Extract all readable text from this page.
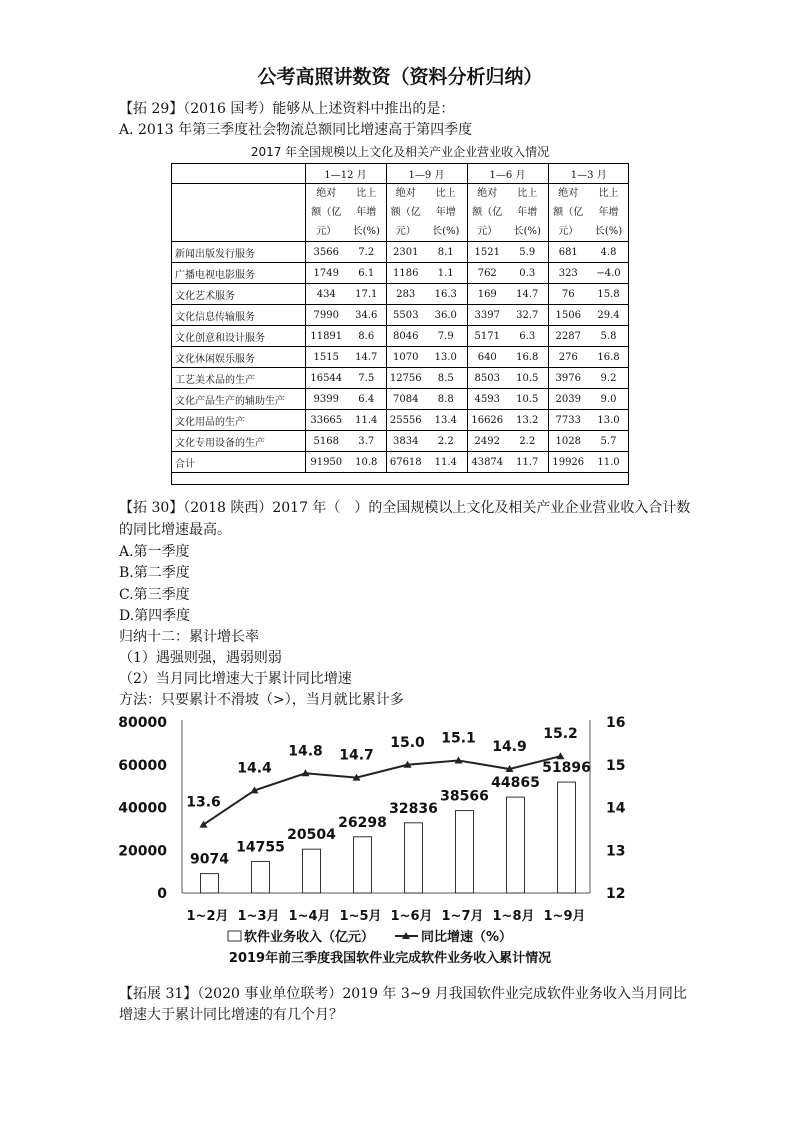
公考高照讲数资（资料分析归纳）
【拓 29】（2016 国考）能够从上述资料中推出的是：
A. 2013 年第三季度社会物流总额同比增速高于第四季度
2017 年全国规模以上文化及相关产业企业营业收入情况
	1—12 月		1—9 月		1—6 月		1—3 月	
	绝对	比上	绝对	比上	绝对	比上	绝对	比上
	额（亿	年增	额（亿	年增	额（亿	年增	额（亿	年增
	元）	长(%)	元）	长(%)	元）	长(%)	元）	长(%)
新闻出版发行服务	3566	7.2	2301	8.1	1521	5.9	681	4.8
广播电视电影服务	1749	6.1	1186	1.1	762	0.3	323	−4.0
文化艺术服务	434	17.1	283	16.3	169	14.7	76	15.8
文化信息传输服务	7990	34.6	5503	36.0	3397	32.7	1506	29.4
文化创意和设计服务	11891	8.6	8046	7.9	5171	6.3	2287	5.8
文化休闲娱乐服务	1515	14.7	1070	13.0	640	16.8	276	16.8
工艺美术品的生产	16544	7.5	12756	8.5	8503	10.5	3976	9.2
文化产品生产的辅助生产	9399	6.4	7084	8.8	4593	10.5	2039	9.0
文化用品的生产	33665	11.4	25556	13.4	16626	13.2	7733	13.0
文化专用设备的生产	5168	3.7	3834	2.2	2492	2.2	1028	5.7
合计	91950	10.8	67618	11.4	43874	11.7	19926	11.0
【拓 30】（2018 陕西）2017 年（　）的全国规模以上文化及相关产业企业营业收入合计数
的同比增速最高。
A.第一季度
B.第二季度
C.第三季度
D.第四季度
归纳十二：累计增长率
（1）遇强则强，遇弱则弱
（2）当月同比增速大于累计同比增速
方法：只要累计不滑坡（>），当月就比累计多
0
20000
40000
60000
80000
12
13
14
15
16
9074
14755
20504
26298
32836
38566
44865
51896
13.6
14.4
14.8 14.7
15.0 15.1
14.9
15.2
1~2月 1~3月 1~4月 1~5月 1~6月 1~7月 1~8月 1~9月
软件业务收入（亿元）	同比增速（%）
2019年前三季度我国软件业完成软件业务收入累计情况
【拓展 31】（2020 事业单位联考）2019 年 3~9 月我国软件业完成软件业务收入当月同比
增速大于累计同比增速的有几个月？
